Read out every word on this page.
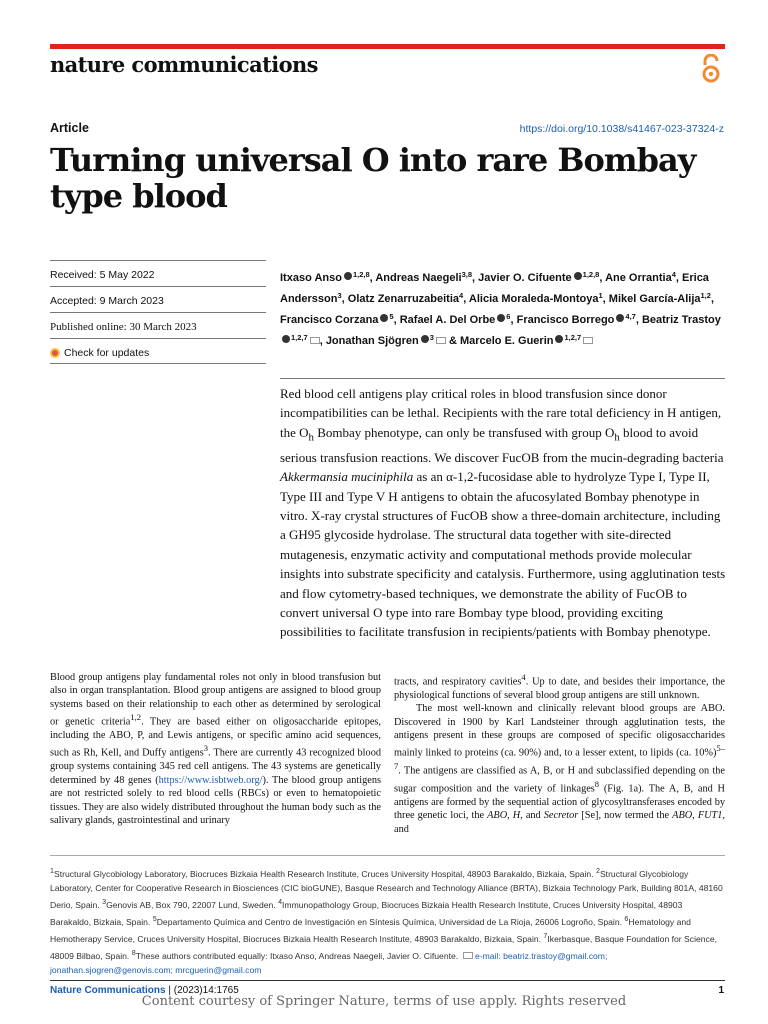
nature communications
Article	https://doi.org/10.1038/s41467-023-37324-z
Turning universal O into rare Bombay type blood
Received: 5 May 2022
Accepted: 9 March 2023
Published online: 30 March 2023
Check for updates
Itxaso Anso $^{1,2,8}$, Andreas Naegeli$^{3,8}$, Javier O. Cifuente $^{1,2,8}$, Ane Orrantia$^4$, Erica Andersson$^3$, Olatz Zenarruzabeitia$^4$, Alicia Moraleda-Montoya$^1$, Mikel García-Alija$^{1,2}$, Francisco Corzana $^5$, Rafael A. Del Orbe $^6$, Francisco Borrego $^{4,7}$, Beatriz Trastoy$^{1,2,7}$ , Jonathan Sjögren $^3$ & Marcelo E. Guerin $^{1,2,7}$

Red blood cell antigens play critical roles in blood transfusion since donor incompatibilities can be lethal. Recipients with the rare total deficiency in H antigen, the $O_h$ Bombay phenotype, can only be transfused with group $O_h$ blood to avoid serious transfusion reactions. We discover FucOB from the mucin-degrading bacteria Akkermansia muciniphila as an α-1,2-fucosidase able to hydrolyze Type I, Type II, Type III and Type V H antigens to obtain the afucosylated Bombay phenotype in vitro. X-ray crystal structures of FucOB show a three-domain architecture, including a GH95 glycoside hydrolase. The structural data together with site-directed mutagenesis, enzymatic activity and computational methods provide molecular insights into substrate specificity and catalysis. Furthermore, using agglutination tests and flow cytometry-based techniques, we demonstrate the ability of FucOB to convert universal O type into rare Bombay type blood, providing exciting possibilities to facilitate transfusion in recipients/patients with Bombay phenotype.

Blood group antigens play fundamental roles not only in blood transfusion but also in organ transplantation. Blood group antigens are assigned to blood group systems based on their relationship to each other as determined by serological or genetic criteria$^{1,2}$. They are based either on oligosaccharide epitopes, including the ABO, P, and Lewis antigens, or specific amino acid sequences, such as Rh, Kell, and Duffy antigens$^3$. There are currently 43 recognized blood group systems containing 345 red cell antigens. The 43 systems are genetically determined by 48 genes (https://www.isbtweb.org/). The blood group antigens are not restricted solely to red blood cells (RBCs) or even to hematopoietic tissues. They are also widely distributed throughout the human body such as the salivary glands, gastrointestinal and urinary

tracts, and respiratory cavities$^4$. Up to date, and besides their importance, the physiological functions of several blood group antigens are still unknown.

The most well-known and clinically relevant blood groups are ABO. Discovered in 1900 by Karl Landsteiner through agglutination tests, the antigens present in these groups are composed of specific oligosaccharides mainly linked to proteins (ca. 90%) and, to a lesser extent, to lipids (ca. 10%)$^{5-7}$. The antigens are classified as A, B, or H and subclassified depending on the sugar composition and the variety of linkages$^8$ (Fig. 1a). The A, B, and H antigens are formed by the sequential action of glycosyltransferases encoded by three genetic loci, the ABO, H, and Secretor [Se], now termed the ABO, FUT1, and

$^1$Structural Glycobiology Laboratory, Biocruces Bizkaia Health Research Institute, Cruces University Hospital, 48903 Barakaldo, Bizkaia, Spain. $^2$Structural Glycobiology Laboratory, Center for Cooperative Research in Biosciences (CIC bioGUNE), Basque Research and Technology Alliance (BRTA), Bizkaia Technology Park, Building 801A, 48160 Derio, Spain. $^3$Genovis AB, Box 790, 22007 Lund, Sweden. $^4$Immunopathology Group, Biocruces Bizkaia Health Research Institute, Cruces University Hospital, 48903 Barakaldo, Bizkaia, Spain. $^5$Departamento Química and Centro de Investigación en Síntesis Química, Universidad de La Rioja, 26006 Logroño, Spain. $^6$Hematology and Hemotherapy Service, Cruces University Hospital, Biocruces Bizkaia Health Research Institute, 48903 Barakaldo, Bizkaia, Spain. $^7$Ikerbasque, Basque Foundation for Science, 48009 Bilbao, Spain. $^8$These authors contributed equally: Itxaso Anso, Andreas Naegeli, Javier O. Cifuente. e-mail: beatriz.trastoy@gmail.com; jonathan.sjogren@genovis.com; mrcguerin@gmail.com
Nature Communications | (2023)14:1765	1
Content courtesy of Springer Nature, terms of use apply. Rights reserved
